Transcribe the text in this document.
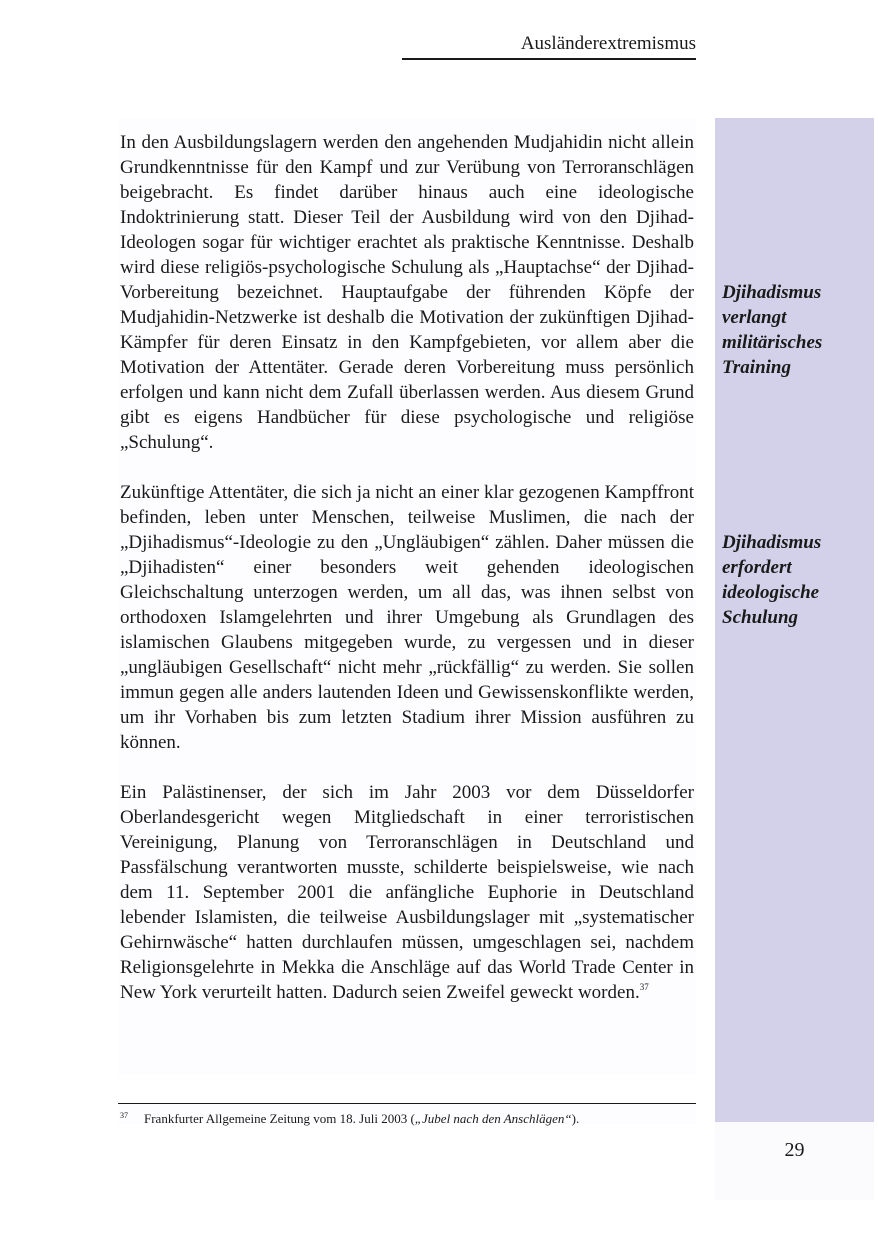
Ausländerextremismus

In den Ausbildungslagern werden den angehenden Mudjahidin nicht allein Grundkenntnisse für den Kampf und zur Verübung von Terroranschlägen beigebracht. Es findet darüber hinaus auch eine ideologische Indoktrinierung statt. Dieser Teil der Ausbildung wird von den Djihad-Ideologen sogar für wichtiger erachtet als praktische Kenntnisse. Deshalb wird diese religiös-psychologische Schulung als „Hauptachse“ der Djihad-Vorbereitung bezeichnet. Hauptaufgabe der führenden Köpfe der Mudjahidin-Netzwerke ist deshalb die Motivation der zukünftigen Djihad-Kämpfer für deren Einsatz in den Kampfgebieten, vor allem aber die Motivation der Attentäter. Gerade deren Vorbereitung muss persönlich erfolgen und kann nicht dem Zufall überlassen werden. Aus diesem Grund gibt es eigens Handbücher für diese psychologische und religiöse „Schulung“.

Zukünftige Attentäter, die sich ja nicht an einer klar gezogenen Kampffront befinden, leben unter Menschen, teilweise Muslimen, die nach der „Djihadismus“-Ideologie zu den „Ungläubigen“ zählen. Daher müssen die „Djihadisten“ einer besonders weit gehenden ideologischen Gleichschaltung unterzogen werden, um all das, was ihnen selbst von orthodoxen Islamgelehrten und ihrer Umgebung als Grundlagen des islamischen Glaubens mitgegeben wurde, zu vergessen und in dieser „ungläubigen Gesellschaft“ nicht mehr „rückfällig“ zu werden. Sie sollen immun gegen alle anders lautenden Ideen und Gewissenskonflikte werden, um ihr Vorhaben bis zum letzten Stadium ihrer Mission ausführen zu können.

Ein Palästinenser, der sich im Jahr 2003 vor dem Düsseldorfer Oberlandesgericht wegen Mitgliedschaft in einer terroristischen Vereinigung, Planung von Terroranschlägen in Deutschland und Passfälschung verantworten musste, schilderte beispielsweise, wie nach dem 11. September 2001 die anfängliche Euphorie in Deutschland lebender Islamisten, die teilweise Ausbildungslager mit „systematischer Gehirnwäsche“ hatten durchlaufen müssen, umgeschlagen sei, nachdem Religionsgelehrte in Mekka die Anschläge auf das World Trade Center in New York verurteilt hatten. Dadurch seien Zweifel geweckt worden.$^{37}$

Djihadismus
verlangt
militärisches
Training
Djihadismus
erfordert
ideologische
Schulung
37 Frankfurter Allgemeine Zeitung vom 18. Juli 2003 („Jubel nach den Anschlägen“).
29
